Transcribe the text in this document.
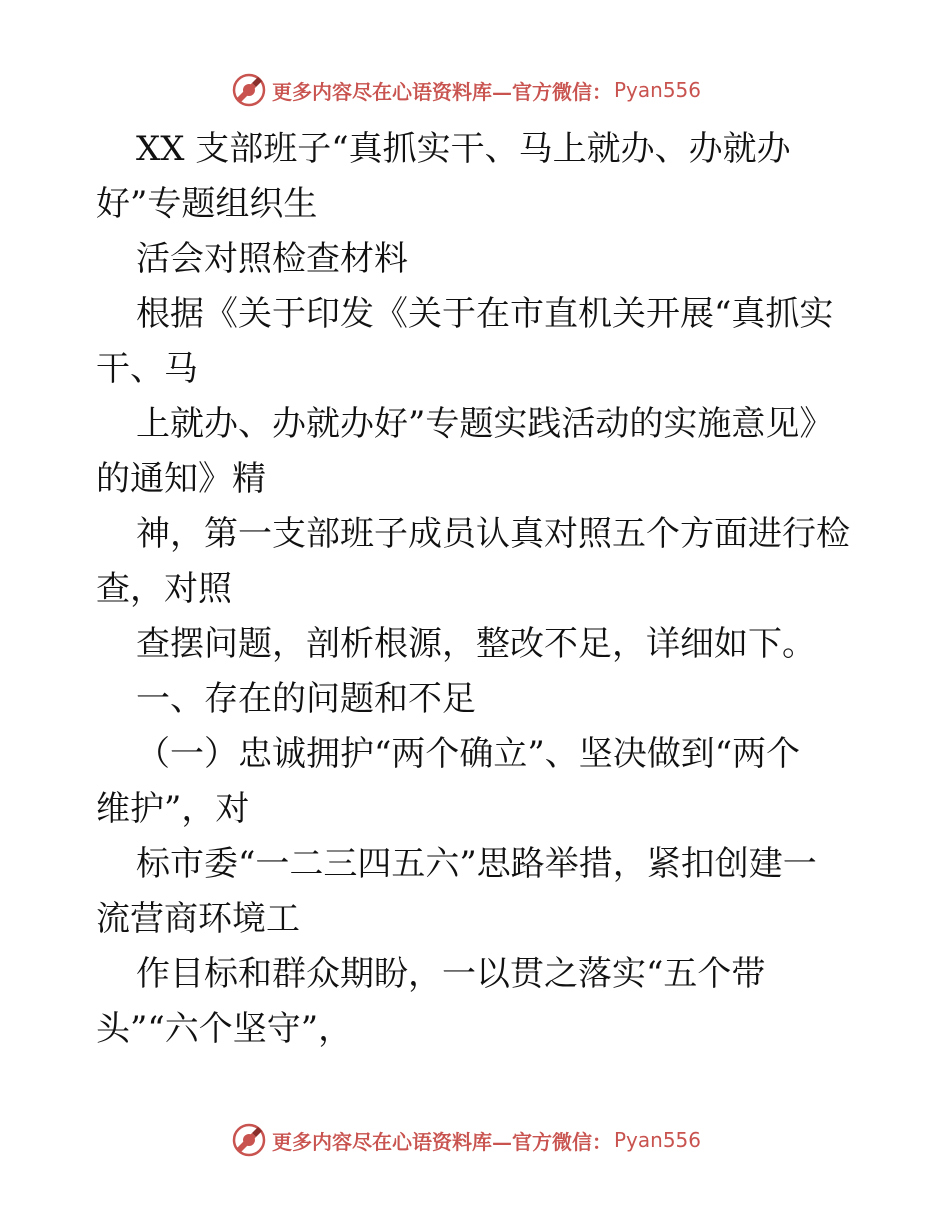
更多内容尽在心语资料库—官方微信： Pyan556

XX 支部班子“真抓实干、马上就办、办就办

好”专题组织生

活会对照检查材料

根据《关于印发《关于在市直机关开展“真抓实

干、马

上就办、办就办好”专题实践活动的实施意见》

的通知》精

神，第一支部班子成员认真对照五个方面进行检

查，对照

查摆问题，剖析根源，整改不足，详细如下。

一、存在的问题和不足

（一）忠诚拥护“两个确立”、坚决做到“两个

维护”，对

标市委“一二三四五六”思路举措，紧扣创建一

流营商环境工

作目标和群众期盼，一以贯之落实“五个带

头”“六个坚守”，

更多内容尽在心语资料库—官方微信： Pyan556
